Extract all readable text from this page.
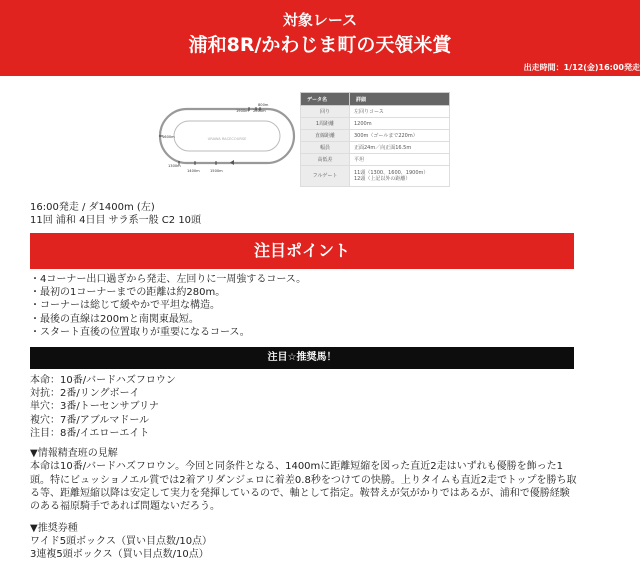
対象レース
浦和8R/かわじま町の天領米賞
出走時間：1/12(金)16:00発走
URAWA RACECOURSE
800m
1900m 2000m
1600m
1300m
1400m	1500m
データ名	詳細
回り	左回りコース
1周距離	1200m
直線距離	300m（ゴールまで220m）
幅員	正面24m／向正面16.5m
高低差	平坦
フルゲート	11頭（1300、1600、1900m）
12頭（上記以外の距離）
16:00発走 / ダ1400m (左)
11回 浦和 4日目 サラ系一般 C2 10頭
注目ポイント
・4コーナー出口過ぎから発走、左回りに一周強するコース。
・最初の1コーナーまでの距離は約280m。
・コーナーは総じて緩やかで平坦な構造。
・最後の直線は200mと南関東最短。
・スタート直後の位置取りが重要になるコース。
注目☆推奨馬！
本命：10番/バードハズフロウン
対抗：2番/リングボーイ
単穴：3番/トーセンサブリナ
複穴：7番/アブルマドール
注目：8番/イエローエイト

▼情報精査班の見解

本命は10番/バードハズフロウン。今回と同条件となる、1400mに距離短縮を図った直近2走はいずれも優勝を飾った1頭。特にビュッショノエル賞では2着アリダンジェロに着差0.8秒をつけての快勝。上りタイムも直近2走でトップを勝ち取る等、距離短縮以降は安定して実力を発揮しているので、軸として指定。鞍替えが気がかりではあるが、浦和で優勝経験のある福原騎手であれば問題ないだろう。

▼推奨券種
ワイド5頭ボックス（買い目点数/10点）
3連複5頭ボックス（買い目点数/10点）
